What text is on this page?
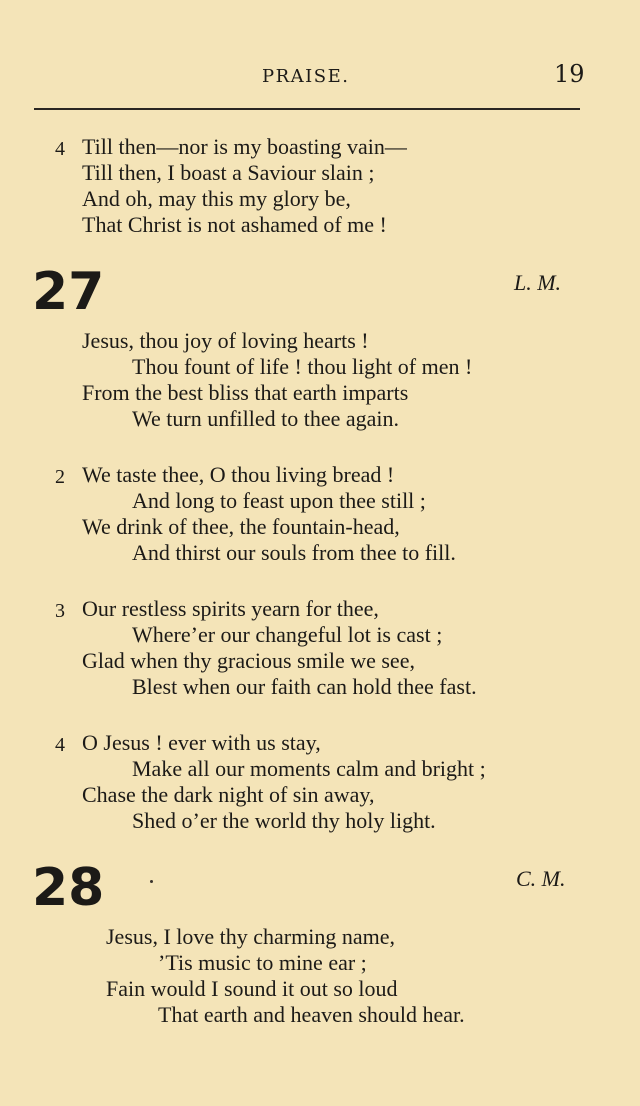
PRAISE.	19
4 Till then—nor is my boasting vain—
Till then, I boast a Saviour slain ;
And oh, may this my glory be,
That Christ is not ashamed of me !
27	L. M.
Jesus, thou joy of loving hearts !
Thou fount of life ! thou light of men !
From the best bliss that earth imparts
We turn unfilled to thee again.
2 We taste thee, O thou living bread !
And long to feast upon thee still ;
We drink of thee, the fountain-head,
And thirst our souls from thee to fill.
3 Our restless spirits yearn for thee,
Where’er our changeful lot is cast ;
Glad when thy gracious smile we see,
Blest when our faith can hold thee fast.
4 O Jesus ! ever with us stay,
Make all our moments calm and bright ;
Chase the dark night of sin away,
Shed o’er the world thy holy light.
28	C. M.
Jesus, I love thy charming name,
’Tis music to mine ear ;
Fain would I sound it out so loud
That earth and heaven should hear.
